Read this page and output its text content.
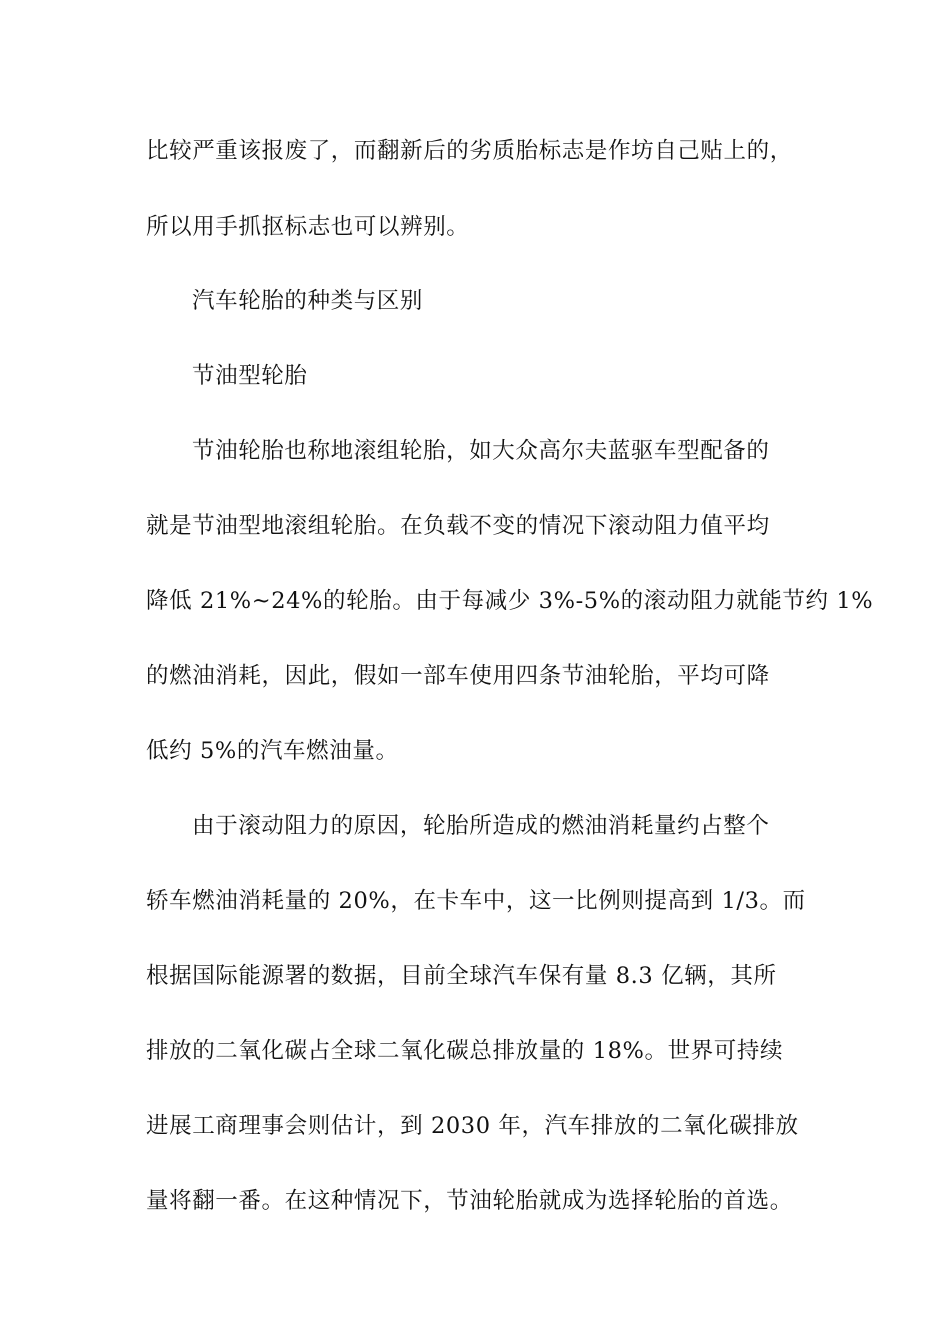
比较严重该报废了，而翻新后的劣质胎标志是作坊自己贴上的，
所以用手抓抠标志也可以辨别。
汽车轮胎的种类与区别
节油型轮胎
节油轮胎也称地滚组轮胎，如大众高尔夫蓝驱车型配备的
就是节油型地滚组轮胎。在负载不变的情况下滚动阻力值平均
降低 21%~24%的轮胎。由于每减少 3%-5%的滚动阻力就能节约 1%
的燃油消耗，因此，假如一部车使用四条节油轮胎，平均可降
低约 5%的汽车燃油量。
由于滚动阻力的原因，轮胎所造成的燃油消耗量约占整个
轿车燃油消耗量的 20%，在卡车中，这一比例则提高到 1/3。而
根据国际能源署的数据，目前全球汽车保有量 8.3 亿辆，其所
排放的二氧化碳占全球二氧化碳总排放量的 18%。世界可持续
进展工商理事会则估计，到 2030 年，汽车排放的二氧化碳排放
量将翻一番。在这种情况下，节油轮胎就成为选择轮胎的首选。
